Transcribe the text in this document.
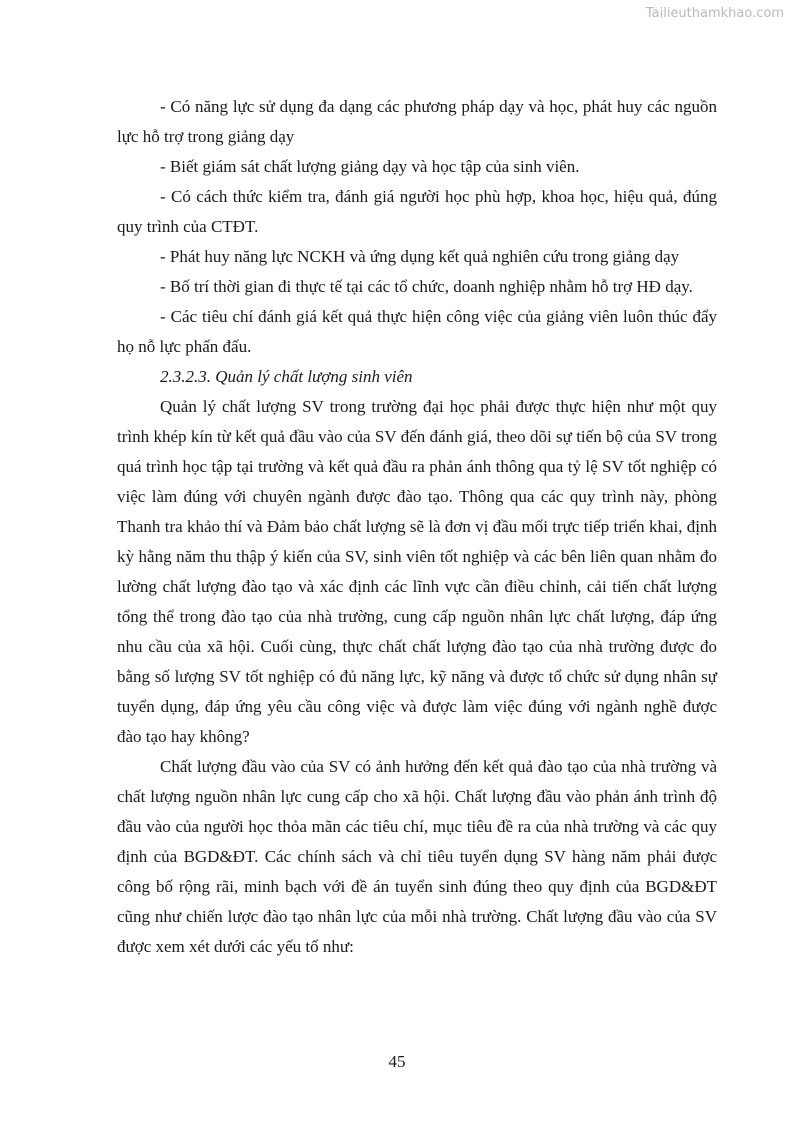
Tailieuthamkhao.com

- Có năng lực sử dụng đa dạng các phương pháp dạy và học, phát huy các nguồn lực hỗ trợ trong giảng dạy

- Biết giám sát chất lượng giảng dạy và học tập của sinh viên.

- Có cách thức kiểm tra, đánh giá người học phù hợp, khoa học, hiệu quả, đúng quy trình của CTĐT.

- Phát huy năng lực NCKH và ứng dụng kết quả nghiên cứu trong giảng dạy

- Bố trí thời gian đi thực tế tại các tổ chức, doanh nghiệp nhằm hỗ trợ HĐ dạy.

- Các tiêu chí đánh giá kết quả thực hiện công việc của giảng viên luôn thúc đẩy họ nỗ lực phấn đấu.

2.3.2.3. Quản lý chất lượng sinh viên

Quản lý chất lượng SV trong trường đại học phải được thực hiện như một quy trình khép kín từ kết quả đầu vào của SV đến đánh giá, theo dõi sự tiến bộ của SV trong quá trình học tập tại trường và kết quả đầu ra phản ánh thông qua tỷ lệ SV tốt nghiệp có việc làm đúng với chuyên ngành được đào tạo. Thông qua các quy trình này, phòng Thanh tra khảo thí và Đảm bảo chất lượng sẽ là đơn vị đầu mối trực tiếp triển khai, định kỳ hằng năm thu thập ý kiến của SV, sinh viên tốt nghiệp và các bên liên quan nhằm đo lường chất lượng đào tạo và xác định các lĩnh vực cần điều chỉnh, cải tiến chất lượng tổng thể trong đào tạo của nhà trường, cung cấp nguồn nhân lực chất lượng, đáp ứng nhu cầu của xã hội. Cuối cùng, thực chất chất lượng đào tạo của nhà trường được đo bằng số lượng SV tốt nghiệp có đủ năng lực, kỹ năng và được tổ chức sử dụng nhân sự tuyển dụng, đáp ứng yêu cầu công việc và được làm việc đúng với ngành nghề được đào tạo hay không?

Chất lượng đầu vào của SV có ảnh hưởng đến kết quả đào tạo của nhà trường và chất lượng nguồn nhân lực cung cấp cho xã hội. Chất lượng đầu vào phản ánh trình độ đầu vào của người học thỏa mãn các tiêu chí, mục tiêu đề ra của nhà trường và các quy định của BGD&ĐT. Các chính sách và chỉ tiêu tuyển dụng SV hàng năm phải được công bố rộng rãi, minh bạch với đề án tuyển sinh đúng theo quy định của BGD&ĐT cũng như chiến lược đào tạo nhân lực của mỗi nhà trường. Chất lượng đầu vào của SV được xem xét dưới các yếu tố như:

45
